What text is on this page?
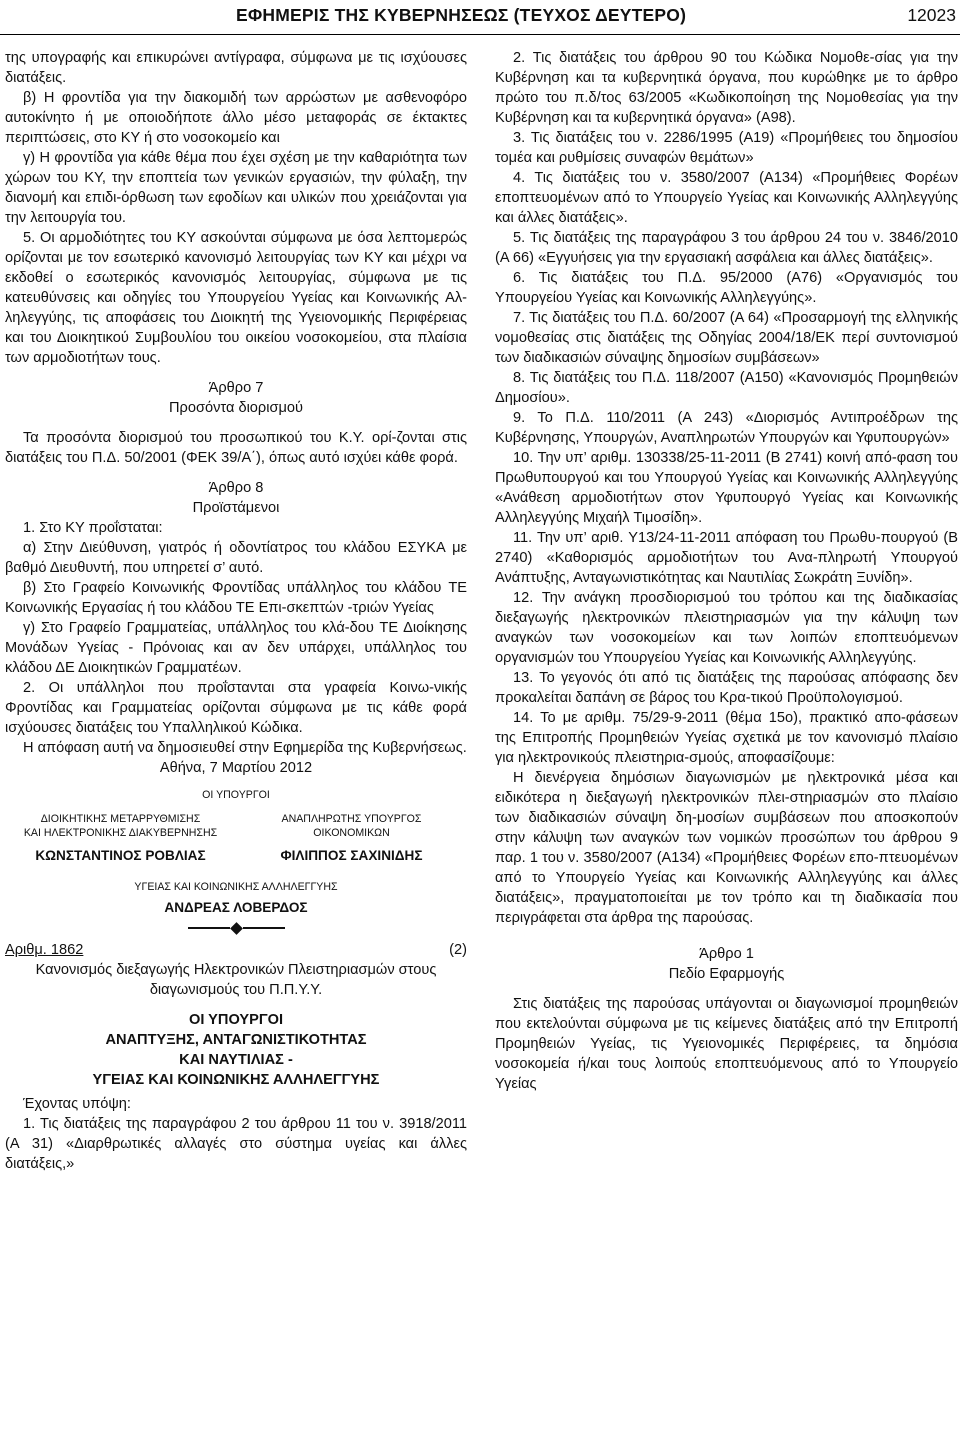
ΕΦΗΜΕΡΙΣ ΤΗΣ ΚΥΒΕΡΝΗΣΕΩΣ (ΤΕΥΧΟΣ ΔΕΥΤΕΡΟ)	12023

της υπογραφής και επικυρώνει αντίγραφα, σύμφωνα με τις ισχύουσες διατάξεις.

β) Η φροντίδα για την διακομιδή των αρρώστων με ασθενοφόρο αυτοκίνητο ή με οποιοδήποτε άλλο μέσο μεταφοράς σε έκτακτες περιπτώσεις, στο ΚΥ ή στο νοσοκομείο και

γ) Η φροντίδα για κάθε θέμα που έχει σχέση με την καθαριότητα των χώρων του ΚΥ, την εποπτεία των γενικών εργασιών, την φύλαξη, την διανομή και επιδι-όρθωση των εφοδίων και υλικών που χρειάζονται για την λειτουργία του.

5. Οι αρμοδιότητες του ΚΥ ασκούνται σύμφωνα με όσα λεπτομερώς ορίζονται με τον εσωτερικό κανονισμό λειτουργίας των ΚΥ και μέχρι να εκδοθεί ο εσωτερικός κανονισμός λειτουργίας, σύμφωνα με τις κατευθύνσεις και οδηγίες του Υπουργείου Υγείας και Κοινωνικής Αλ-ληλεγγύης, τις αποφάσεις του Διοικητή της Υγειονομικής Περιφέρειας και του Διοικητικού Συμβουλίου του οικείου νοσοκομείου, στα πλαίσια των αρμοδιοτήτων τους.

Άρθρο 7

Προσόντα διορισμού

Τα προσόντα διορισμού του προσωπικού του Κ.Υ. ορί-ζονται στις διατάξεις του Π.Δ. 50/2001 (ΦΕΚ 39/Α΄), όπως αυτό ισχύει κάθε φορά.

Άρθρο 8

Προϊστάμενοι

1. Στο ΚΥ προΐσταται:

α) Στην Διεύθυνση, γιατρός ή οδοντίατρος του κλάδου ΕΣΥΚΑ με βαθμό Διευθυντή, που υπηρετεί σ’ αυτό.

β) Στο Γραφείο Κοινωνικής Φροντίδας υπάλληλος του κλάδου ΤΕ Κοινωνικής Εργασίας ή του κλάδου ΤΕ Επι-σκεπτών -τριών Υγείας

γ) Στο Γραφείο Γραμματείας, υπάλληλος του κλά-δου ΤΕ Διοίκησης Μονάδων Υγείας - Πρόνοιας και αν δεν υπάρχει, υπάλληλος του κλάδου ΔΕ Διοικητικών Γραμματέων.

2. Οι υπάλληλοι που προΐστανται στα γραφεία Κοινω-νικής Φροντίδας και Γραμματείας ορίζονται σύμφωνα με τις κάθε φορά ισχύουσες διατάξεις του Υπαλληλικού Κώδικα.

Η απόφαση αυτή να δημοσιευθεί στην Εφημερίδα της Κυβερνήσεως.

Αθήνα, 7 Μαρτίου 2012

ΟΙ ΥΠΟΥΡΓΟΙ
ΔΙΟΙΚΗΤΙΚΗΣ ΜΕΤΑΡΡΥΘΜΙΣΗΣ
ΚΑΙ ΗΛΕΚΤΡΟΝΙΚΗΣ ΔΙΑΚΥΒΕΡΝΗΣΗΣ
ΚΩΝΣΤΑΝΤΙΝΟΣ ΡΟΒΛΙΑΣ
ΑΝΑΠΛΗΡΩΤΗΣ ΥΠΟΥΡΓΟΣ
ΟΙΚΟΝΟΜΙΚΩΝ
ΦΙΛΙΠΠΟΣ ΣΑΧΙΝΙΔΗΣ
ΥΓΕΙΑΣ ΚΑΙ ΚΟΙΝΩΝΙΚΗΣ ΑΛΛΗΛΕΓΓΥΗΣ
ΑΝΔΡΕΑΣ ΛΟΒΕΡΔΟΣ
Αριθμ. 1862	(2)

Κανονισμός διεξαγωγής Ηλεκτρονικών Πλειστηριασμών στους διαγωνισμούς του Π.Π.Υ.Υ.

ΟΙ ΥΠΟΥΡΓΟΙ
ΑΝΑΠΤΥΞΗΣ, ΑΝΤΑΓΩΝΙΣΤΙΚΟΤΗΤΑΣ
ΚΑΙ ΝΑΥΤΙΛΙΑΣ -
ΥΓΕΙΑΣ ΚΑΙ ΚΟΙΝΩΝΙΚΗΣ ΑΛΛΗΛΕΓΓΥΗΣ

Έχοντας υπόψη:

1. Τις διατάξεις της παραγράφου 2 του άρθρου 11 του ν. 3918/2011 (Α 31) «Διαρθρωτικές αλλαγές στο σύστημα υγείας και άλλες διατάξεις,»

2. Τις διατάξεις του άρθρου 90 του Κώδικα Νομοθε-σίας για την Κυβέρνηση και τα κυβερνητικά όργανα, που κυρώθηκε με το άρθρο πρώτο του π.δ/τος 63/2005 «Κωδικοποίηση της Νομοθεσίας για την Κυβέρνηση και τα κυβερνητικά όργανα» (Α98).

3. Τις διατάξεις του ν. 2286/1995 (Α19) «Προμήθειες του δημοσίου τομέα και ρυθμίσεις συναφών θεμάτων»

4. Τις διατάξεις του ν. 3580/2007 (Α134) «Προμήθειες Φορέων εποπτευομένων από το Υπουργείο Υγείας και Κοινωνικής Αλληλεγγύης και άλλες διατάξεις».

5. Τις διατάξεις της παραγράφου 3 του άρθρου 24 του ν. 3846/2010 (Α 66) «Εγγυήσεις για την εργασιακή ασφάλεια και άλλες διατάξεις».

6. Τις διατάξεις του Π.Δ. 95/2000 (Α76) «Οργανισμός του Υπουργείου Υγείας και Κοινωνικής Αλληλεγγύης».

7. Τις διατάξεις του Π.Δ. 60/2007 (Α 64) «Προσαρμογή της ελληνικής νομοθεσίας στις διατάξεις της Οδηγίας 2004/18/ΕΚ περί συντονισμού των διαδικασιών σύναψης δημοσίων συμβάσεων»

8. Τις διατάξεις του Π.Δ. 118/2007 (Α150) «Κανονισμός Προμηθειών Δημοσίου».

9. Το Π.Δ. 110/2011 (Α 243) «Διορισμός Αντιπροέδρων της Κυβέρνησης, Υπουργών, Αναπληρωτών Υπουργών και Υφυπουργών»

10. Την υπ’ αριθμ. 130338/25-11-2011 (Β 2741) κοινή από-φαση του Πρωθυπουργού και του Υπουργού Υγείας και Κοινωνικής Αλληλεγγύης «Ανάθεση αρμοδιοτήτων στον Υφυπουργό Υγείας και Κοινωνικής Αλληλεγγύης Μιχαήλ Τιμοσίδη».

11. Την υπ’ αριθ. Υ13/24-11-2011 απόφαση του Πρωθυ-πουργού (Β 2740) «Καθορισμός αρμοδιοτήτων του Ανα-πληρωτή Υπουργού Ανάπτυξης, Ανταγωνιστικότητας και Ναυτιλίας Σωκράτη Ξυνίδη».

12. Την ανάγκη προσδιορισμού του τρόπου και της διαδικασίας διεξαγωγής ηλεκτρονικών πλειστηριασμών για την κάλυψη των αναγκών των νοσοκομείων και των λοιπών εποπτευόμενων οργανισμών του Υπουργείου Υγείας και Κοινωνικής Αλληλεγγύης.

13. Το γεγονός ότι από τις διατάξεις της παρούσας απόφασης δεν προκαλείται δαπάνη σε βάρος του Κρα-τικού Προϋπολογισμού.

14. Το με αριθμ. 75/29-9-2011 (θέμα 15ο), πρακτικό απο-φάσεων της Επιτροπής Προμηθειών Υγείας σχετικά με τον κανονισμό πλαίσιο για ηλεκτρονικούς πλειστηρια-σμούς, αποφασίζουμε:

Η διενέργεια δημόσιων διαγωνισμών με ηλεκτρονικά μέσα και ειδικότερα η διεξαγωγή ηλεκτρονικών πλει-στηριασμών στο πλαίσιο των διαδικασιών σύναψη δη-μοσίων συμβάσεων που αποσκοπούν στην κάλυψη των αναγκών των νομικών προσώπων του άρθρου 9 παρ. 1 του ν. 3580/2007 (Α134) «Προμήθειες Φορέων επο-πτευομένων από το Υπουργείο Υγείας και Κοινωνικής Αλληλεγγύης και άλλες διατάξεις», πραγματοποιείται με τον τρόπο και τη διαδικασία που περιγράφεται στα άρθρα της παρούσας.

Άρθρο 1

Πεδίο Εφαρμογής

Στις διατάξεις της παρούσας υπάγονται οι διαγωνισμοί προμηθειών που εκτελούνται σύμφωνα με τις κείμενες διατάξεις από την Επιτροπή Προμηθειών Υγείας, τις Υγειονομικές Περιφέρειες, τα δημόσια νοσοκομεία ή/και τους λοιπούς εποπτευόμενους από το Υπουργείο Υγείας
